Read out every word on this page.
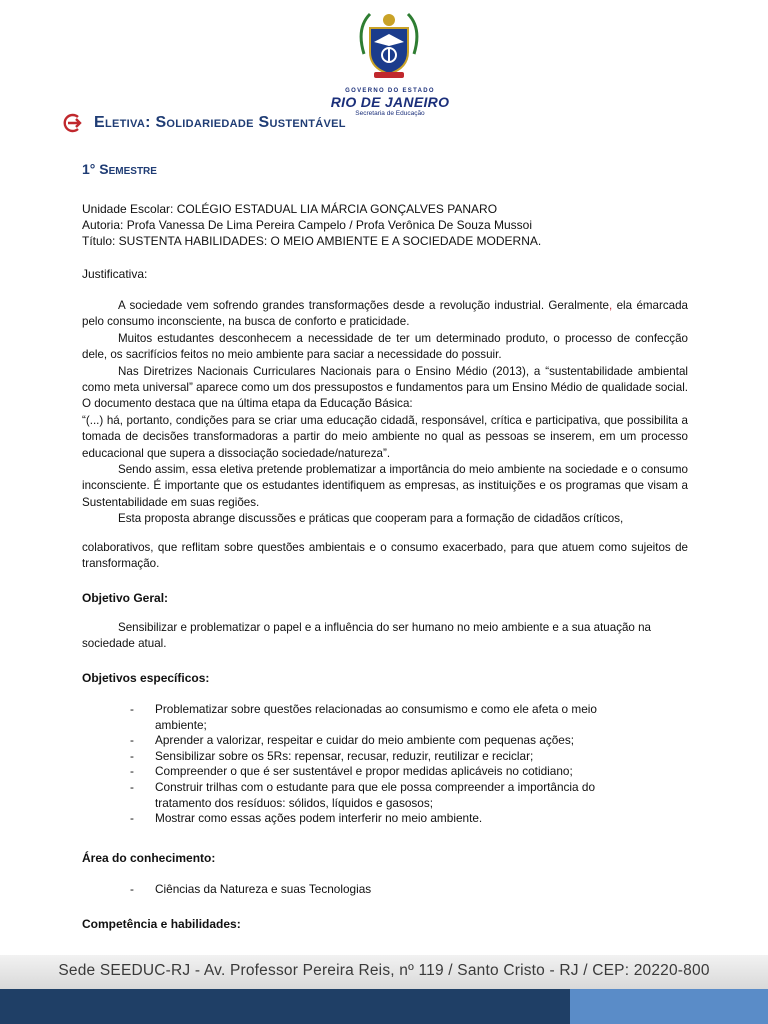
GOVERNO DO ESTADO
RIO DE JANEIRO
Secretaria de Educação
Eletiva: Solidariedade Sustentável
1° Semestre
Unidade Escolar: COLÉGIO ESTADUAL LIA MÁRCIA GONÇALVES PANARO
Autoria: Profa Vanessa De Lima Pereira Campelo / Profa Verônica De Souza Mussoi
Título: SUSTENTA HABILIDADES: O MEIO AMBIENTE E A SOCIEDADE MODERNA.
Justificativa:

A sociedade vem sofrendo grandes transformações desde a revolução industrial. Geralmente, ela émarcada pelo consumo inconsciente, na busca de conforto e praticidade.

Muitos estudantes desconhecem a necessidade de ter um determinado produto, o processo de confecção dele, os sacrifícios feitos no meio ambiente para saciar a necessidade do possuir.

Nas Diretrizes Nacionais Curriculares Nacionais para o Ensino Médio (2013), a “sustentabilidade ambiental como meta universal” aparece como um dos pressupostos e fundamentos para um Ensino Médio de qualidade social. O documento destaca que na última etapa da Educação Básica:

“(...) há, portanto, condições para se criar uma educação cidadã, responsável, crítica e participativa, que possibilita a tomada de decisões transformadoras a partir do meio ambiente no qual as pessoas se inserem, em um processo educacional que supera a dissociação sociedade/natureza”.

Sendo assim, essa eletiva pretende problematizar a importância do meio ambiente na sociedade e o consumo inconsciente. É importante que os estudantes identifiquem as empresas, as instituições e os programas que visam a Sustentabilidade em suas regiões.

Esta proposta abrange discussões e práticas que cooperam para a formação de cidadãos críticos,

colaborativos, que reflitam sobre questões ambientais e o consumo exacerbado, para que atuem como sujeitos de transformação.

Objetivo Geral:

Sensibilizar e problematizar o papel e a influência do ser humano no meio ambiente e a sua atuação na sociedade atual.

Objetivos específicos:
- Problematizar sobre questões relacionadas ao consumismo e como ele afeta o meio ambiente;
- Aprender a valorizar, respeitar e cuidar do meio ambiente com pequenas ações;
- Sensibilizar sobre os 5Rs: repensar, recusar, reduzir, reutilizar e reciclar;
- Compreender o que é ser sustentável e propor medidas aplicáveis no cotidiano;
- Construir trilhas com o estudante para que ele possa compreender a importância do tratamento dos resíduos: sólidos, líquidos e gasosos;
- Mostrar como essas ações podem interferir no meio ambiente.
Área do conhecimento:
- Ciências da Natureza e suas Tecnologias
Competência e habilidades:
Sede SEEDUC-RJ - Av. Professor Pereira Reis, nº 119 / Santo Cristo - RJ / CEP: 20220-800
